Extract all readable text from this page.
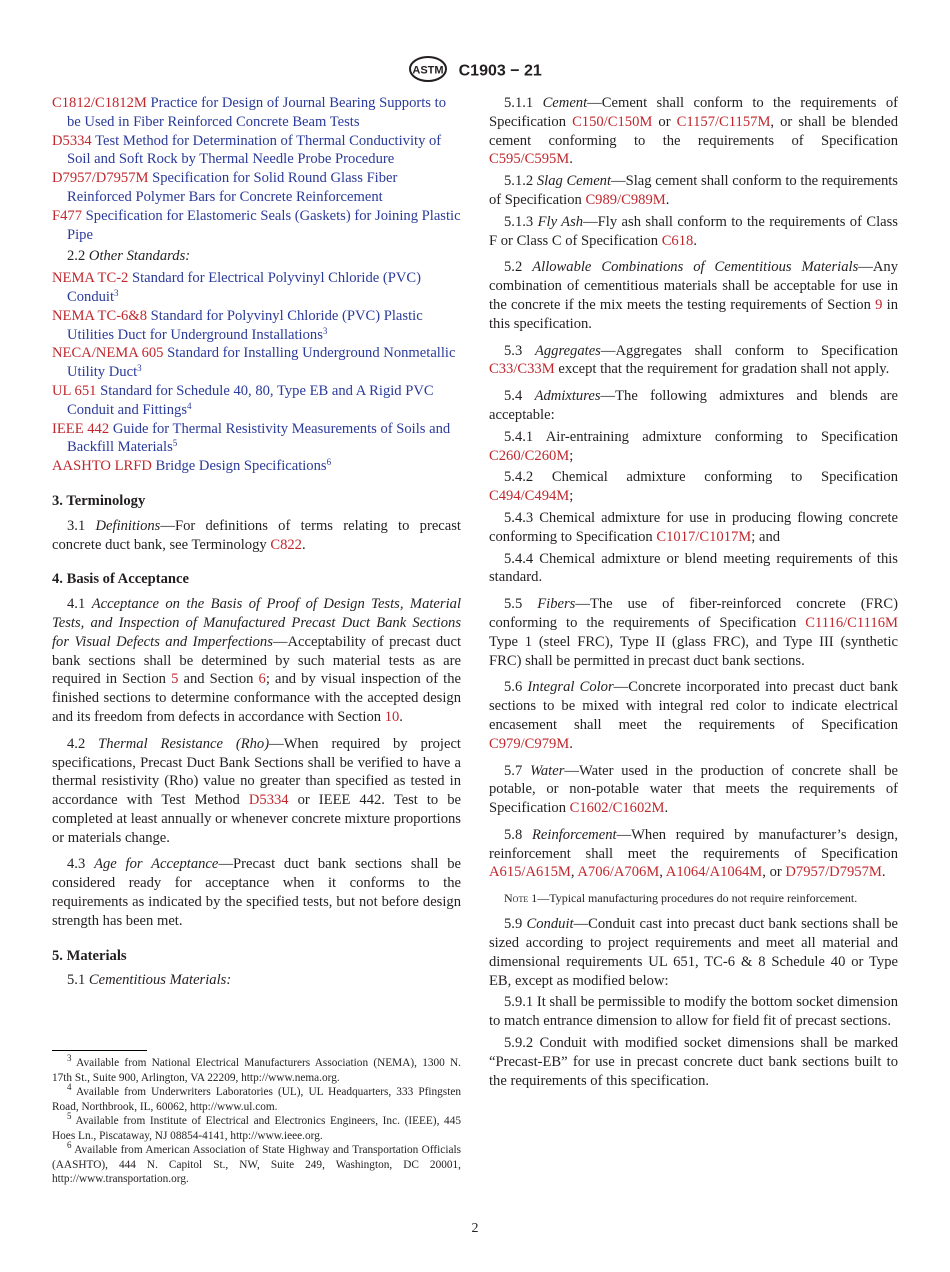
ASTM C1903 − 21

C1812/C1812M Practice for Design of Journal Bearing Supports to be Used in Fiber Reinforced Concrete Beam Tests

D5334 Test Method for Determination of Thermal Conductivity of Soil and Soft Rock by Thermal Needle Probe Procedure

D7957/D7957M Specification for Solid Round Glass Fiber Reinforced Polymer Bars for Concrete Reinforcement

F477 Specification for Elastomeric Seals (Gaskets) for Joining Plastic Pipe

2.2 Other Standards:

NEMA TC-2 Standard for Electrical Polyvinyl Chloride (PVC) Conduit$^3$

NEMA TC-6&8 Standard for Polyvinyl Chloride (PVC) Plastic Utilities Duct for Underground Installations$^3$

NECA/NEMA 605 Standard for Installing Underground Nonmetallic Utility Duct$^3$

UL 651 Standard for Schedule 40, 80, Type EB and A Rigid PVC Conduit and Fittings$^4$

IEEE 442 Guide for Thermal Resistivity Measurements of Soils and Backfill Materials$^5$

AASHTO LRFD Bridge Design Specifications$^6$

3. Terminology

3.1 Definitions—For definitions of terms relating to precast concrete duct bank, see Terminology C822.

4. Basis of Acceptance

4.1 Acceptance on the Basis of Proof of Design Tests, Material Tests, and Inspection of Manufactured Precast Duct Bank Sections for Visual Defects and Imperfections—Acceptability of precast duct bank sections shall be determined by such material tests as are required in Section 5 and Section 6; and by visual inspection of the finished sections to determine conformance with the accepted design and its freedom from defects in accordance with Section 10.

4.2 Thermal Resistance (Rho)—When required by project specifications, Precast Duct Bank Sections shall be verified to have a thermal resistivity (Rho) value no greater than specified as tested in accordance with Test Method D5334 or IEEE 442. Test to be completed at least annually or whenever concrete mixture proportions or materials change.

4.3 Age for Acceptance—Precast duct bank sections shall be considered ready for acceptance when it conforms to the requirements as indicated by the specified tests, but not before design strength has been met.

5. Materials

5.1 Cementitious Materials:

$^3$ Available from National Electrical Manufacturers Association (NEMA), 1300 N. 17th St., Suite 900, Arlington, VA 22209, http://www.nema.org.

$^4$ Available from Underwriters Laboratories (UL), UL Headquarters, 333 Pfingsten Road, Northbrook, IL, 60062, http://www.ul.com.

$^5$ Available from Institute of Electrical and Electronics Engineers, Inc. (IEEE), 445 Hoes Ln., Piscataway, NJ 08854-4141, http://www.ieee.org.

$^6$ Available from American Association of State Highway and Transportation Officials (AASHTO), 444 N. Capitol St., NW, Suite 249, Washington, DC 20001, http://www.transportation.org.

5.1.1 Cement—Cement shall conform to the requirements of Specification C150/C150M or C1157/C1157M, or shall be blended cement conforming to the requirements of Specification C595/C595M.

5.1.2 Slag Cement—Slag cement shall conform to the requirements of Specification C989/C989M.

5.1.3 Fly Ash—Fly ash shall conform to the requirements of Class F or Class C of Specification C618.

5.2 Allowable Combinations of Cementitious Materials—Any combination of cementitious materials shall be acceptable for use in the concrete if the mix meets the testing requirements of Section 9 in this specification.

5.3 Aggregates—Aggregates shall conform to Specification C33/C33M except that the requirement for gradation shall not apply.

5.4 Admixtures—The following admixtures and blends are acceptable:

5.4.1 Air-entraining admixture conforming to Specification C260/C260M;

5.4.2 Chemical admixture conforming to Specification C494/C494M;

5.4.3 Chemical admixture for use in producing flowing concrete conforming to Specification C1017/C1017M; and

5.4.4 Chemical admixture or blend meeting requirements of this standard.

5.5 Fibers—The use of fiber-reinforced concrete (FRC) conforming to the requirements of Specification C1116/C1116M Type 1 (steel FRC), Type II (glass FRC), and Type III (synthetic FRC) shall be permitted in precast duct bank sections.

5.6 Integral Color—Concrete incorporated into precast duct bank sections to be mixed with integral red color to indicate electrical encasement shall meet the requirements of Specification C979/C979M.

5.7 Water—Water used in the production of concrete shall be potable, or non-potable water that meets the requirements of Specification C1602/C1602M.

5.8 Reinforcement—When required by manufacturer’s design, reinforcement shall meet the requirements of Specification A615/A615M, A706/A706M, A1064/A1064M, or D7957/D7957M.

Note 1—Typical manufacturing procedures do not require reinforcement.

5.9 Conduit—Conduit cast into precast duct bank sections shall be sized according to project requirements and meet all material and dimensional requirements UL 651, TC-6 & 8 Schedule 40 or Type EB, except as modified below:

5.9.1 It shall be permissible to modify the bottom socket dimension to match entrance dimension to allow for field fit of precast sections.

5.9.2 Conduit with modified socket dimensions shall be marked “Precast-EB” for use in precast concrete duct bank sections built to the requirements of this specification.

2
